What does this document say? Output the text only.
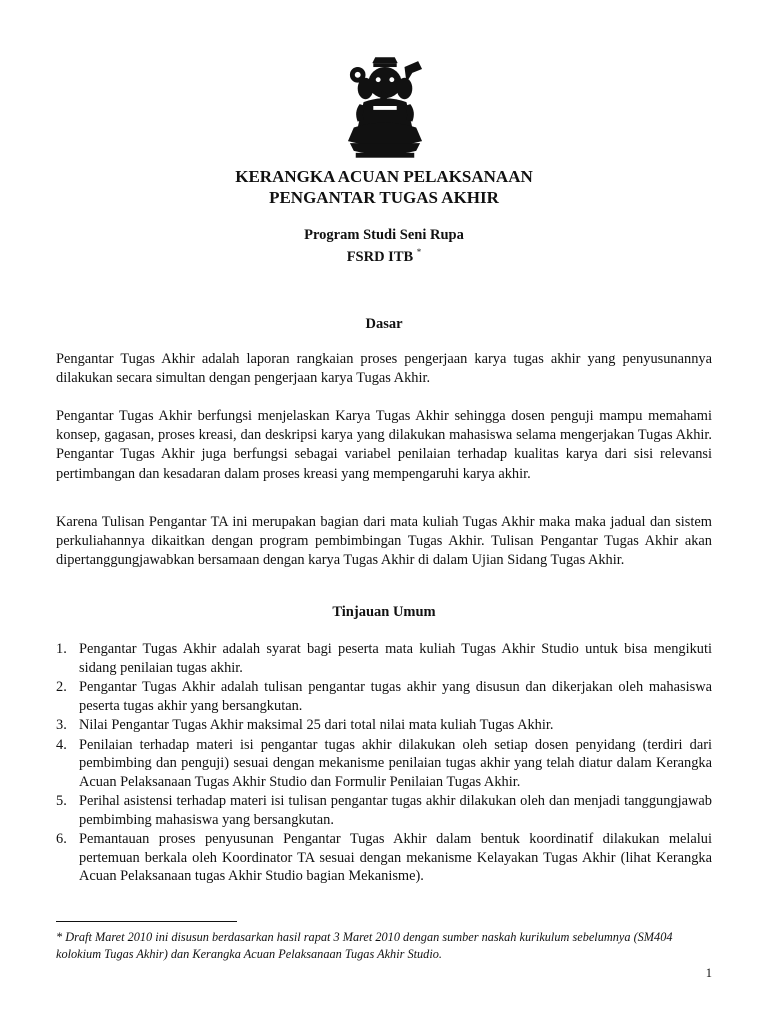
KERANGKA ACUAN PELAKSANAAN
PENGANTAR TUGAS AKHIR
Program Studi Seni Rupa
FSRD ITB *
Dasar

Pengantar Tugas Akhir adalah laporan rangkaian proses pengerjaan karya tugas akhir yang penyusunannya dilakukan secara simultan dengan pengerjaan karya Tugas Akhir.

Pengantar Tugas Akhir berfungsi menjelaskan Karya Tugas Akhir sehingga dosen penguji mampu memahami konsep, gagasan, proses kreasi, dan deskripsi karya yang dilakukan mahasiswa selama mengerjakan Tugas Akhir. Pengantar Tugas Akhir juga berfungsi sebagai variabel penilaian terhadap kualitas karya dari sisi relevansi pertimbangan dan kesadaran dalam proses kreasi yang mempengaruhi karya akhir.

Karena Tulisan Pengantar TA ini merupakan bagian dari mata kuliah Tugas Akhir maka maka jadual dan sistem perkuliahannya dikaitkan dengan program pembimbingan Tugas Akhir. Tulisan Pengantar Tugas Akhir akan dipertanggungjawabkan bersamaan dengan karya Tugas Akhir di dalam Ujian Sidang Tugas Akhir.

Tinjauan Umum
1. Pengantar Tugas Akhir adalah syarat bagi peserta mata kuliah Tugas Akhir Studio untuk bisa mengikuti sidang penilaian tugas akhir.
2. Pengantar Tugas Akhir adalah tulisan pengantar tugas akhir yang disusun dan dikerjakan oleh mahasiswa peserta tugas akhir yang bersangkutan.
3. Nilai Pengantar Tugas Akhir maksimal 25 dari total nilai mata kuliah Tugas Akhir.
4. Penilaian terhadap materi isi pengantar tugas akhir dilakukan oleh setiap dosen penyidang (terdiri dari pembimbing dan penguji) sesuai dengan mekanisme penilaian tugas akhir yang telah diatur dalam Kerangka Acuan Pelaksanaan Tugas Akhir Studio dan Formulir Penilaian Tugas Akhir.
5. Perihal asistensi terhadap materi isi tulisan pengantar tugas akhir dilakukan oleh dan menjadi tanggungjawab pembimbing mahasiswa yang bersangkutan.
6. Pemantauan proses penyusunan Pengantar Tugas Akhir dalam bentuk koordinatif dilakukan melalui pertemuan berkala oleh Koordinator TA sesuai dengan mekanisme Kelayakan Tugas Akhir (lihat Kerangka Acuan Pelaksanaan tugas Akhir Studio bagian Mekanisme).

* Draft Maret 2010 ini disusun berdasarkan hasil rapat 3 Maret 2010 dengan sumber naskah kurikulum sebelumnya (SM404 kolokium Tugas Akhir) dan Kerangka Acuan Pelaksanaan Tugas Akhir Studio.

1
